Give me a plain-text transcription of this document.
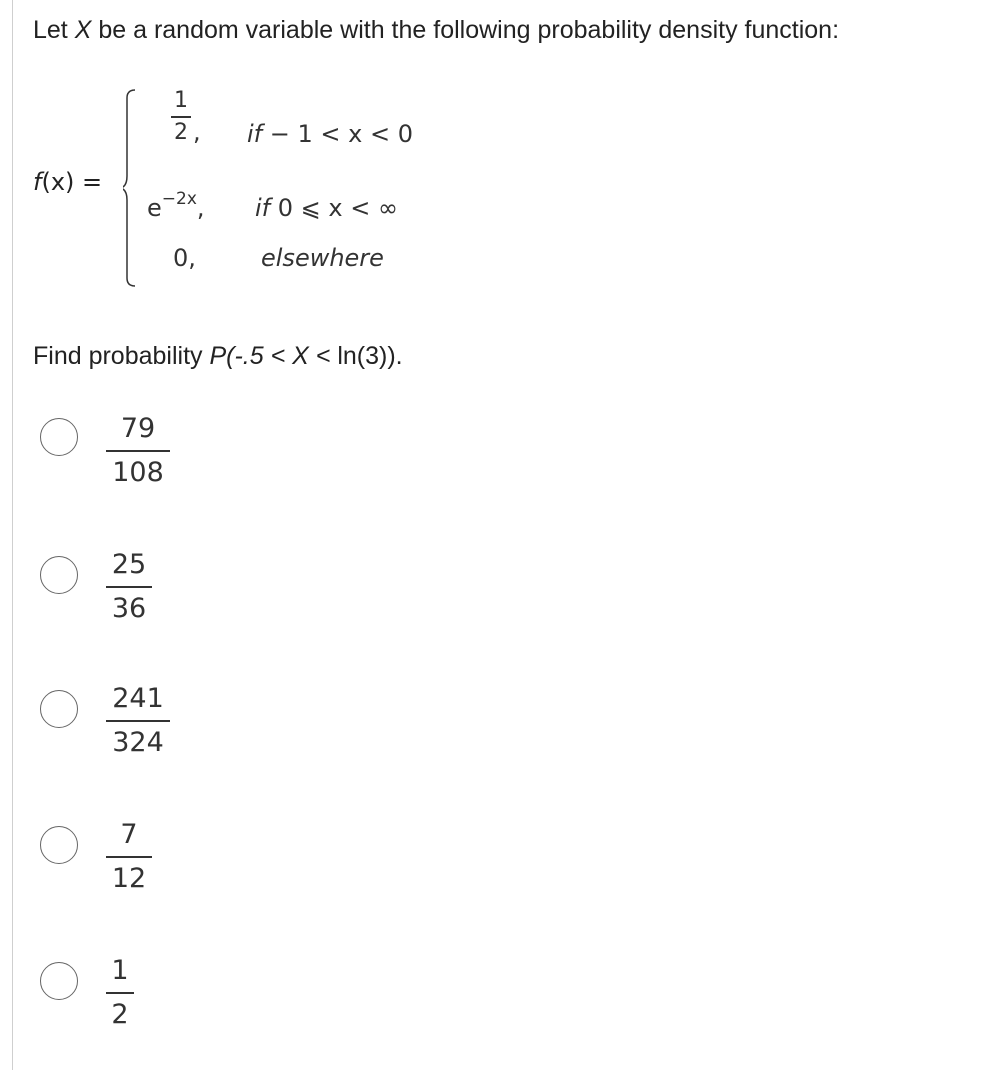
Let X be a random variable with the following probability density function:
f(x) =
1
2 , if − 1 < x < 0
$e^{-2x}$, if 0 ⩽ x < ∞
0,	elsewhere
Find probability P(-.5 < X < ln(3)).
79
108
25
36
241
324
7
12
1
2
